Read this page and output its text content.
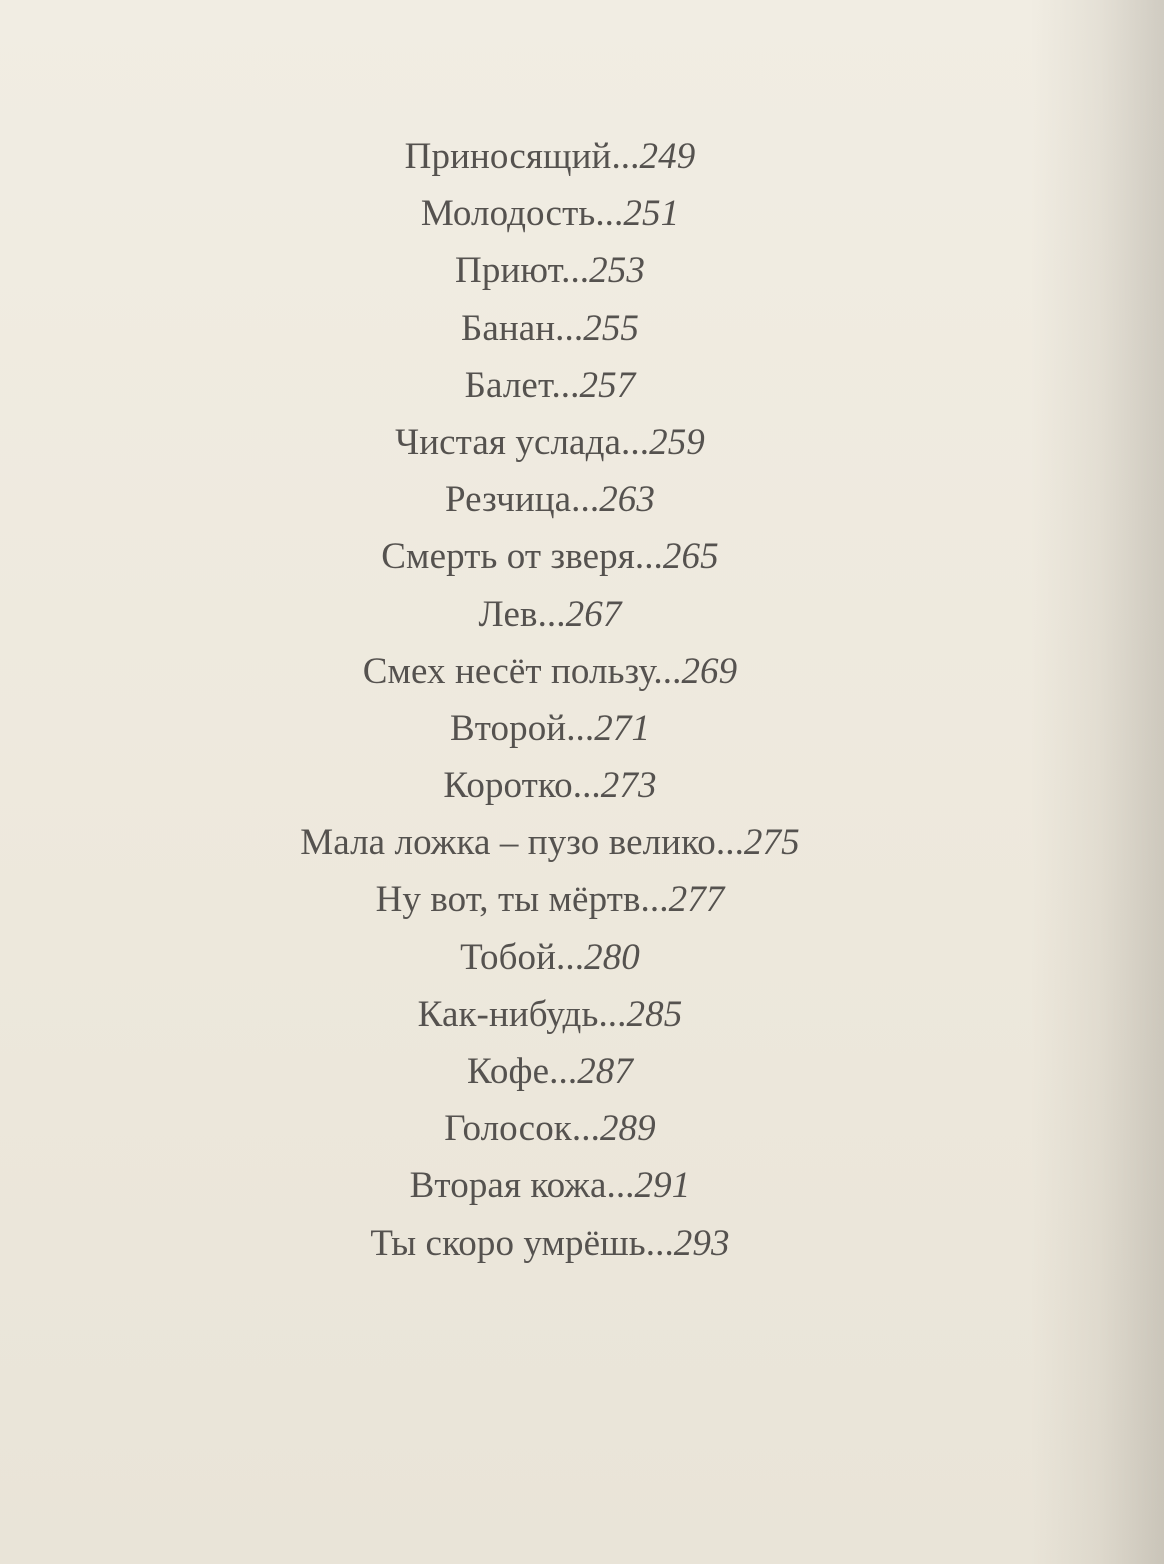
Приносящий...249
Молодость...251
Приют...253
Банан...255
Балет...257
Чистая услада...259
Резчица...263
Смерть от зверя...265
Лев...267
Смех несёт пользу...269
Второй...271
Коротко...273
Мала ложка – пузо велико...275
Ну вот, ты мёртв...277
Тобой...280
Как-нибудь...285
Кофе...287
Голосок...289
Вторая кожа...291
Ты скоро умрёшь...293
